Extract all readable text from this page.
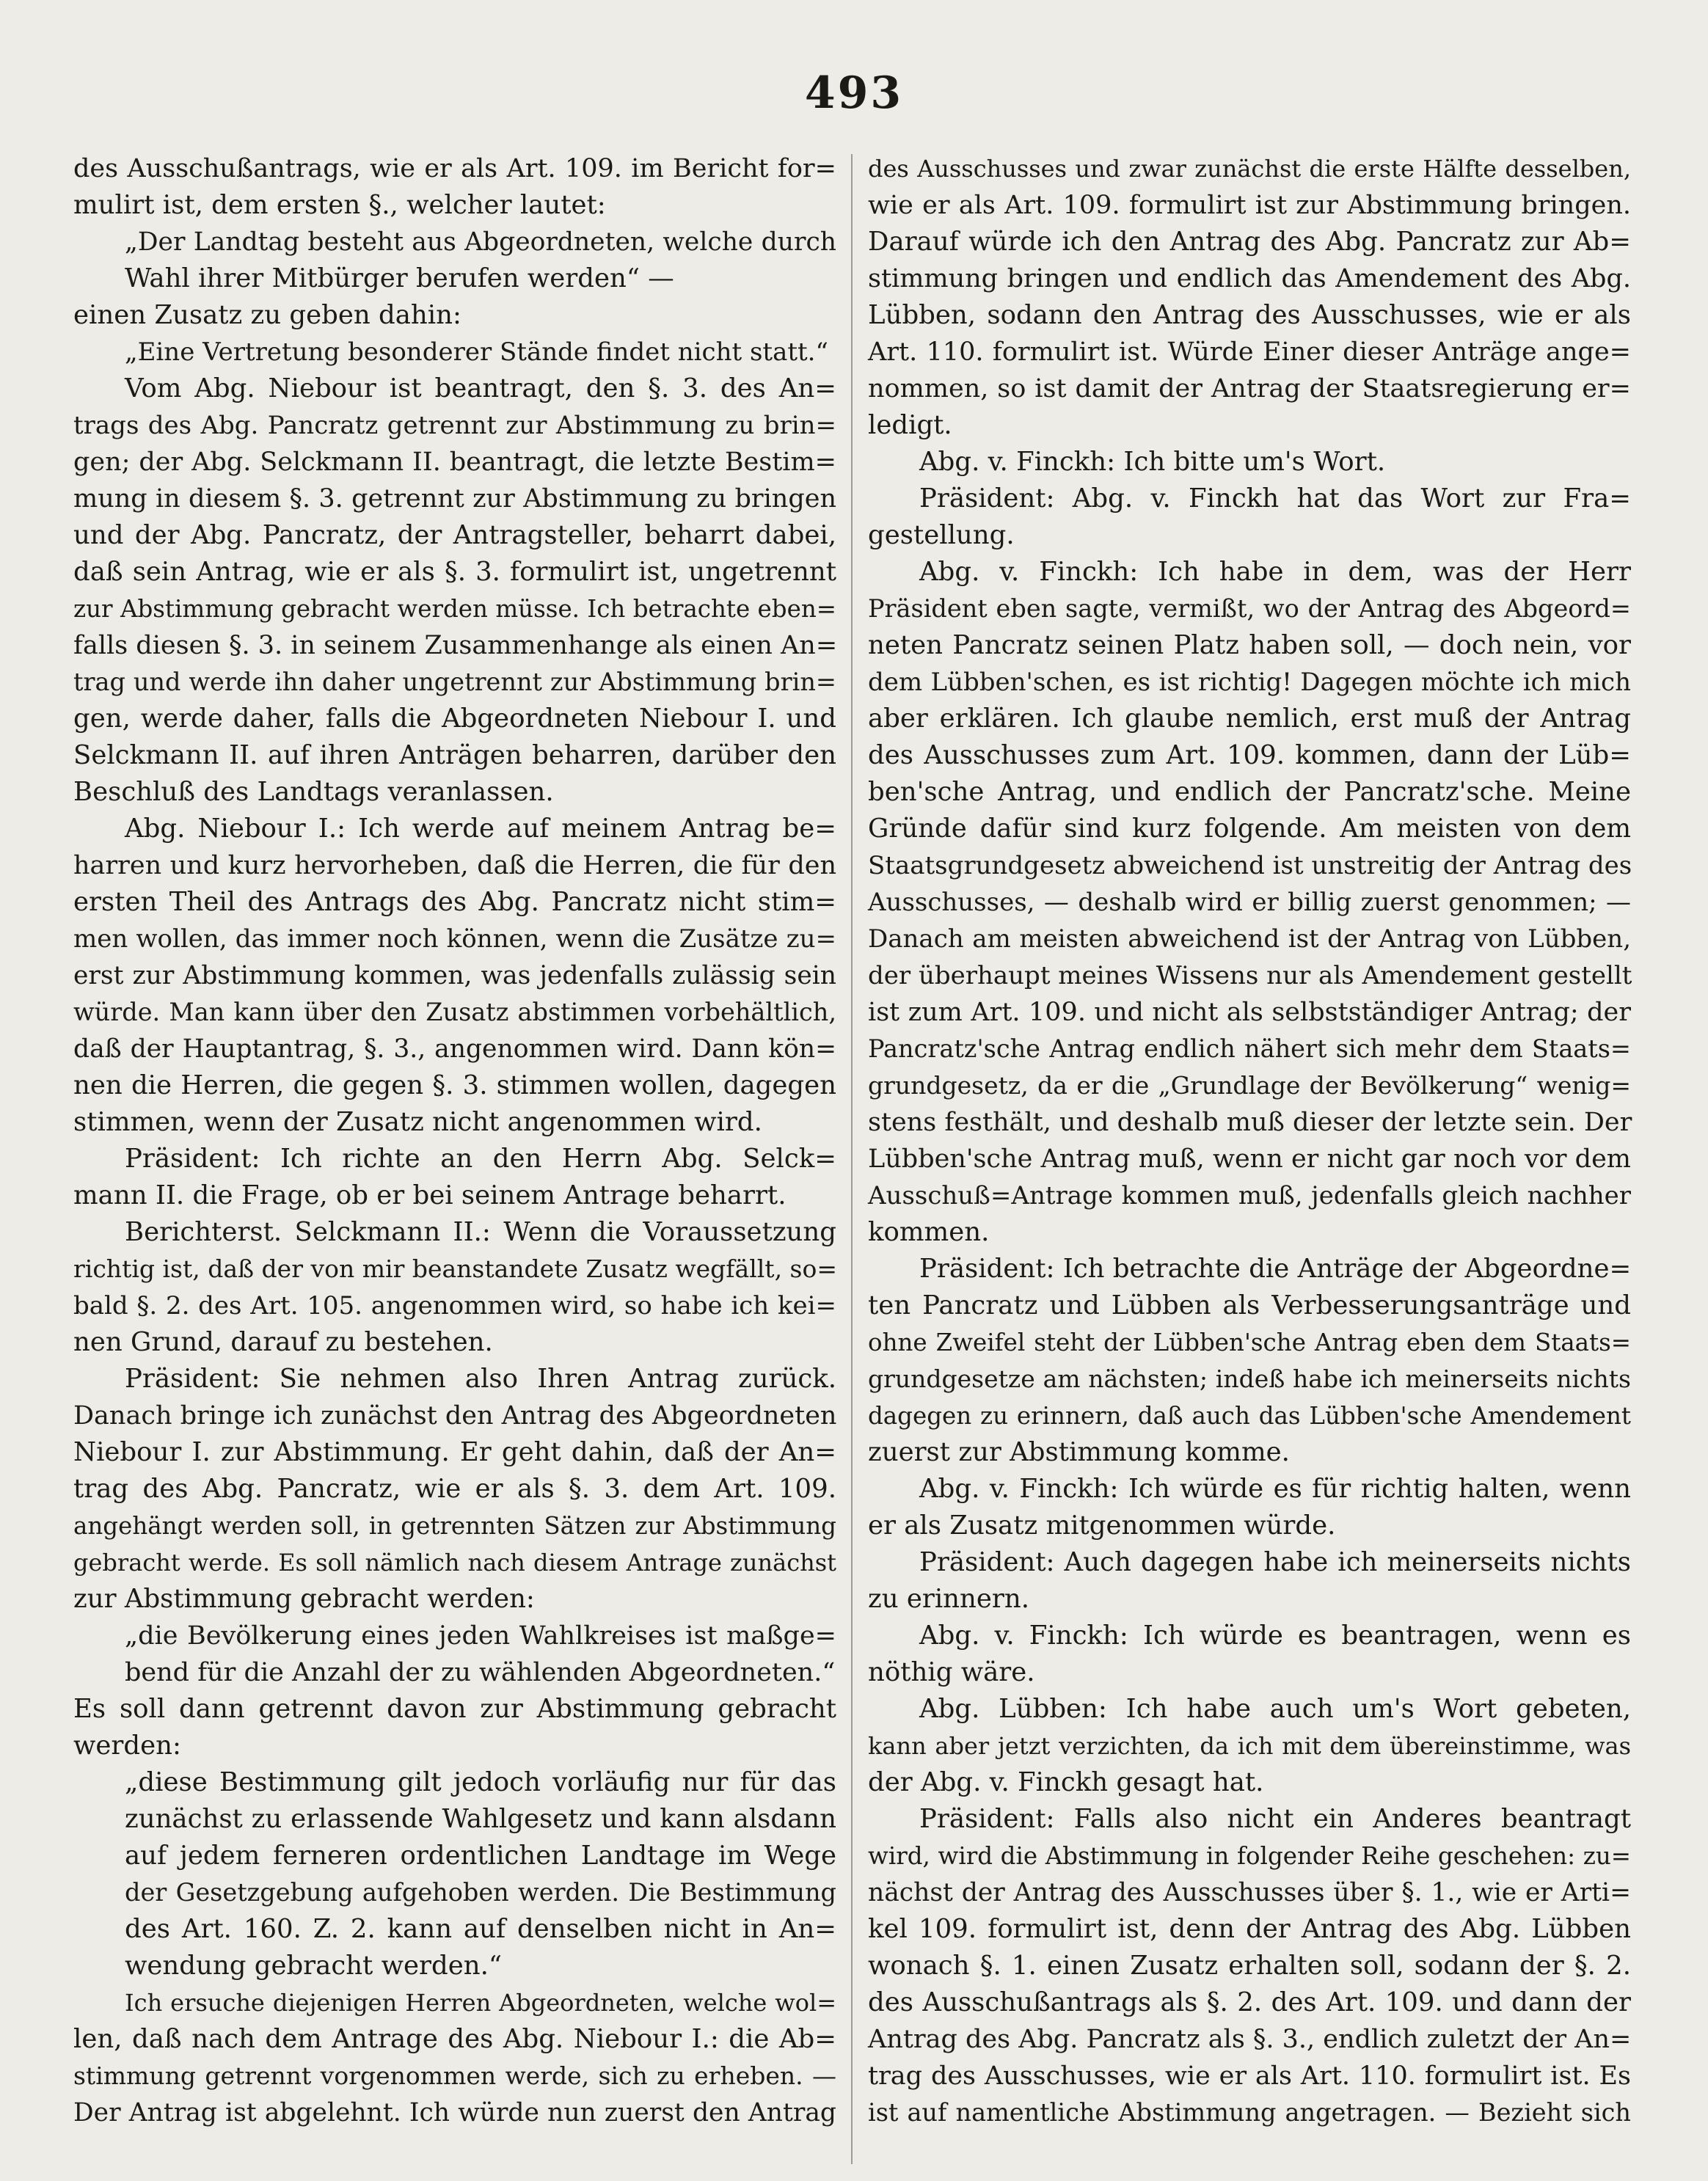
493
des Ausschußantrags, wie er als Art. 109. im Bericht for=
mulirt ist, dem ersten §., welcher lautet:
„Der Landtag besteht aus Abgeordneten, welche durch
Wahl ihrer Mitbürger berufen werden“ —
einen Zusatz zu geben dahin:
„Eine Vertretung besonderer Stände findet nicht statt.“
Vom Abg. Niebour ist beantragt, den §. 3. des An=
trags des Abg. Pancratz getrennt zur Abstimmung zu brin=
gen; der Abg. Selckmann II. beantragt, die letzte Bestim=
mung in diesem §. 3. getrennt zur Abstimmung zu bringen
und der Abg. Pancratz, der Antragsteller, beharrt dabei,
daß sein Antrag, wie er als §. 3. formulirt ist, ungetrennt
zur Abstimmung gebracht werden müsse. Ich betrachte eben=
falls diesen §. 3. in seinem Zusammenhange als einen An=
trag und werde ihn daher ungetrennt zur Abstimmung brin=
gen, werde daher, falls die Abgeordneten Niebour I. und
Selckmann II. auf ihren Anträgen beharren, darüber den
Beschluß des Landtags veranlassen.
Abg. Niebour I.: Ich werde auf meinem Antrag be=
harren und kurz hervorheben, daß die Herren, die für den
ersten Theil des Antrags des Abg. Pancratz nicht stim=
men wollen, das immer noch können, wenn die Zusätze zu=
erst zur Abstimmung kommen, was jedenfalls zulässig sein
würde. Man kann über den Zusatz abstimmen vorbehältlich,
daß der Hauptantrag, §. 3., angenommen wird. Dann kön=
nen die Herren, die gegen §. 3. stimmen wollen, dagegen
stimmen, wenn der Zusatz nicht angenommen wird.
Präsident: Ich richte an den Herrn Abg. Selck=
mann II. die Frage, ob er bei seinem Antrage beharrt.
Berichterst. Selckmann II.: Wenn die Voraussetzung
richtig ist, daß der von mir beanstandete Zusatz wegfällt, so=
bald §. 2. des Art. 105. angenommen wird, so habe ich kei=
nen Grund, darauf zu bestehen.
Präsident: Sie nehmen also Ihren Antrag zurück.
Danach bringe ich zunächst den Antrag des Abgeordneten
Niebour I. zur Abstimmung. Er geht dahin, daß der An=
trag des Abg. Pancratz, wie er als §. 3. dem Art. 109.
angehängt werden soll, in getrennten Sätzen zur Abstimmung
gebracht werde. Es soll nämlich nach diesem Antrage zunächst
zur Abstimmung gebracht werden:
„die Bevölkerung eines jeden Wahlkreises ist maßge=
bend für die Anzahl der zu wählenden Abgeordneten.“
Es soll dann getrennt davon zur Abstimmung gebracht
werden:
„diese Bestimmung gilt jedoch vorläufig nur für das
zunächst zu erlassende Wahlgesetz und kann alsdann
auf jedem ferneren ordentlichen Landtage im Wege
der Gesetzgebung aufgehoben werden. Die Bestimmung
des Art. 160. Z. 2. kann auf denselben nicht in An=
wendung gebracht werden.“
Ich ersuche diejenigen Herren Abgeordneten, welche wol=
len, daß nach dem Antrage des Abg. Niebour I.: die Ab=
stimmung getrennt vorgenommen werde, sich zu erheben. —
Der Antrag ist abgelehnt. Ich würde nun zuerst den Antrag
des Ausschusses und zwar zunächst die erste Hälfte desselben,
wie er als Art. 109. formulirt ist zur Abstimmung bringen.
Darauf würde ich den Antrag des Abg. Pancratz zur Ab=
stimmung bringen und endlich das Amendement des Abg.
Lübben, sodann den Antrag des Ausschusses, wie er als
Art. 110. formulirt ist. Würde Einer dieser Anträge ange=
nommen, so ist damit der Antrag der Staatsregierung er=
ledigt.
Abg. v. Finckh: Ich bitte um's Wort.
Präsident: Abg. v. Finckh hat das Wort zur Fra=
gestellung.
Abg. v. Finckh: Ich habe in dem, was der Herr
Präsident eben sagte, vermißt, wo der Antrag des Abgeord=
neten Pancratz seinen Platz haben soll, — doch nein, vor
dem Lübben'schen, es ist richtig! Dagegen möchte ich mich
aber erklären. Ich glaube nemlich, erst muß der Antrag
des Ausschusses zum Art. 109. kommen, dann der Lüb=
ben'sche Antrag, und endlich der Pancratz'sche. Meine
Gründe dafür sind kurz folgende. Am meisten von dem
Staatsgrundgesetz abweichend ist unstreitig der Antrag des
Ausschusses, — deshalb wird er billig zuerst genommen; —
Danach am meisten abweichend ist der Antrag von Lübben,
der überhaupt meines Wissens nur als Amendement gestellt
ist zum Art. 109. und nicht als selbstständiger Antrag; der
Pancratz'sche Antrag endlich nähert sich mehr dem Staats=
grundgesetz, da er die „Grundlage der Bevölkerung“ wenig=
stens festhält, und deshalb muß dieser der letzte sein. Der
Lübben'sche Antrag muß, wenn er nicht gar noch vor dem
Ausschuß=Antrage kommen muß, jedenfalls gleich nachher
kommen.
Präsident: Ich betrachte die Anträge der Abgeordne=
ten Pancratz und Lübben als Verbesserungsanträge und
ohne Zweifel steht der Lübben'sche Antrag eben dem Staats=
grundgesetze am nächsten; indeß habe ich meinerseits nichts
dagegen zu erinnern, daß auch das Lübben'sche Amendement
zuerst zur Abstimmung komme.
Abg. v. Finckh: Ich würde es für richtig halten, wenn
er als Zusatz mitgenommen würde.
Präsident: Auch dagegen habe ich meinerseits nichts
zu erinnern.
Abg. v. Finckh: Ich würde es beantragen, wenn es
nöthig wäre.
Abg. Lübben: Ich habe auch um's Wort gebeten,
kann aber jetzt verzichten, da ich mit dem übereinstimme, was
der Abg. v. Finckh gesagt hat.
Präsident: Falls also nicht ein Anderes beantragt
wird, wird die Abstimmung in folgender Reihe geschehen: zu=
nächst der Antrag des Ausschusses über §. 1., wie er Arti=
kel 109. formulirt ist, denn der Antrag des Abg. Lübben
wonach §. 1. einen Zusatz erhalten soll, sodann der §. 2.
des Ausschußantrags als §. 2. des Art. 109. und dann der
Antrag des Abg. Pancratz als §. 3., endlich zuletzt der An=
trag des Ausschusses, wie er als Art. 110. formulirt ist. Es
ist auf namentliche Abstimmung angetragen. — Bezieht sich
